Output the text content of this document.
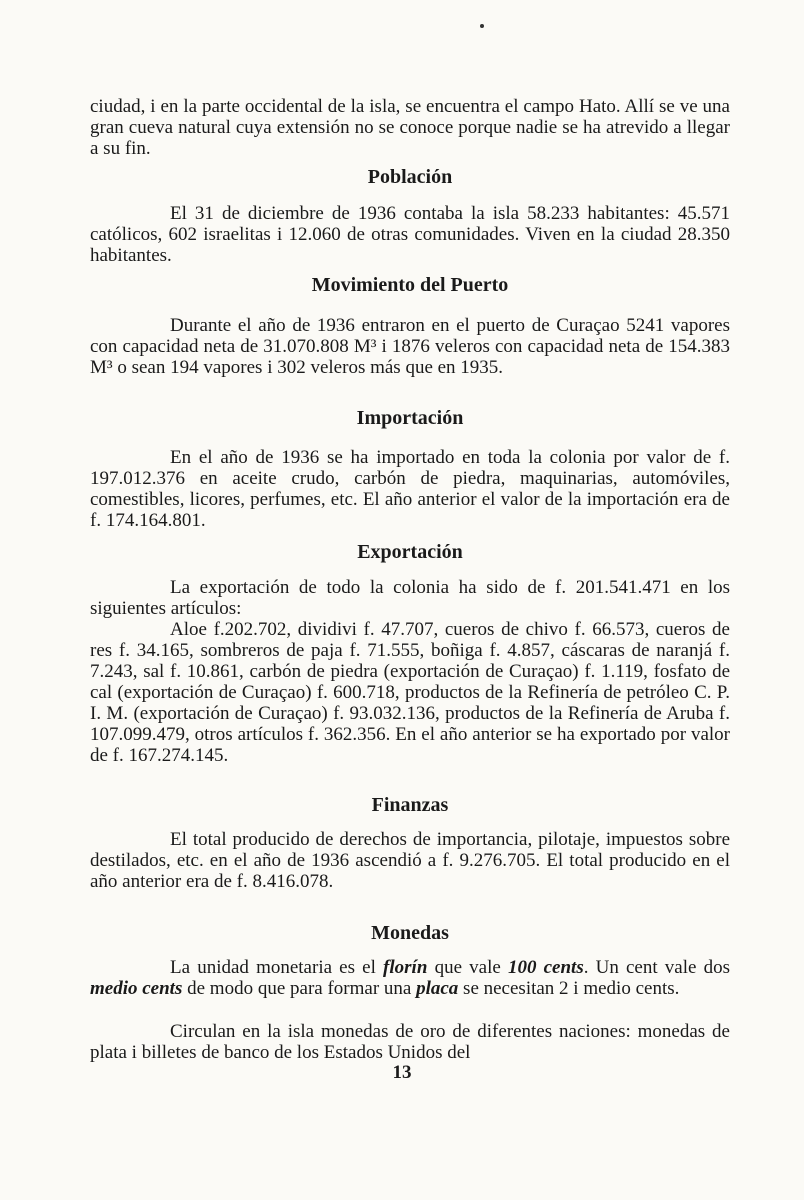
ciudad, i en la parte occidental de la isla, se encuentra el campo Hato. Allí se ve una gran cueva natural cuya extensión no se conoce porque nadie se ha atrevido a llegar a su fin.

Población

El 31 de diciembre de 1936 contaba la isla 58.233 habitantes: 45.571 católicos, 602 israelitas i 12.060 de otras comunidades. Viven en la ciudad 28.350 habitantes.

Movimiento del Puerto

Durante el año de 1936 entraron en el puerto de Curaçao 5241 vapores con capacidad neta de 31.070.808 M³ i 1876 veleros con capacidad neta de 154.383 M³ o sean 194 vapores i 302 veleros más que en 1935.

Importación

En el año de 1936 se ha importado en toda la colonia por valor de f. 197.012.376 en aceite crudo, carbón de piedra, maquinarias, automóviles, comestibles, licores, perfumes, etc. El año anterior el valor de la importación era de f. 174.164.801.

Exportación

La exportación de todo la colonia ha sido de f. 201.541.471 en los siguientes artículos:

Aloe f.202.702, dividivi f. 47.707, cueros de chivo f. 66.573, cueros de res f. 34.165, sombreros de paja f. 71.555, boñiga f. 4.857, cáscaras de naranjá f. 7.243, sal f. 10.861, carbón de piedra (exportación de Curaçao) f. 1.119, fosfato de cal (exportación de Curaçao) f. 600.718, productos de la Refinería de petróleo C. P. I. M. (exportación de Curaçao) f. 93.032.136, productos de la Refinería de Aruba f. 107.099.479, otros artículos f. 362.356. En el año anterior se ha exportado por valor de f. 167.274.145.

Finanzas

El total producido de derechos de importancia, pilotaje, impuestos sobre destilados, etc. en el año de 1936 ascendió a f. 9.276.705. El total producido en el año anterior era de f. 8.416.078.

Monedas

La unidad monetaria es el florín que vale 100 cents. Un cent vale dos medio cents de modo que para formar una placa se necesitan 2 i medio cents.

Circulan en la isla monedas de oro de diferentes naciones: monedas de plata i billetes de banco de los Estados Unidos del

13
